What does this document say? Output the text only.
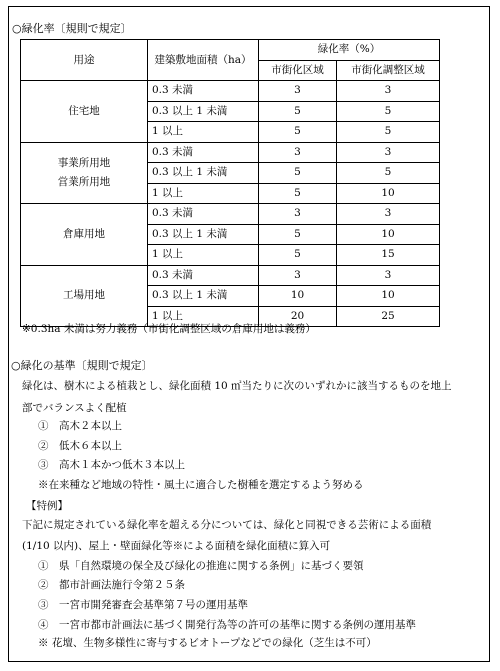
○緑化率〔規則で規定〕
用途	建築敷地面積（ha）	緑化率（%）	
		市街化区域	市街化調整区域

住宅地	0.3 未満	3	3
	0.3 以上 1 未満	5	5
	1 以上	5	5

事業所用地
営業所用地	0.3 未満	3	3
	0.3 以上 1 未満	5	5
	1 以上	5	10

倉庫用地	0.3 未満	3	3
	0.3 以上 1 未満	5	10
	1 以上	5	15

工場用地	0.3 未満	3	3
	0.3 以上 1 未満	10	10
	1 以上	20	25
※0.3ha 未満は努力義務（市街化調整区域の倉庫用地は義務）
○緑化の基準〔規則で規定〕
緑化は、樹木による植栽とし、緑化面積 10 ㎡当たりに次のいずれかに該当するものを地上
部でバランスよく配植
①　高木２本以上
②　低木６本以上
③　高木１本かつ低木３本以上
※在来種など地域の特性・風土に適合した樹種を選定するよう努める
【特例】
下記に規定されている緑化率を超える分については、緑化と同視できる芸術による面積
(1/10 以内)、屋上・壁面緑化等※による面積を緑化面積に算入可
①　県「自然環境の保全及び緑化の推進に関する条例」に基づく要領
②　都市計画法施行令第２５条
③　一宮市開発審査会基準第７号の運用基準
④　一宮市都市計画法に基づく開発行為等の許可の基準に関する条例の運用基準
※ 花壇、生物多様性に寄与するビオトープなどでの緑化（芝生は不可）
